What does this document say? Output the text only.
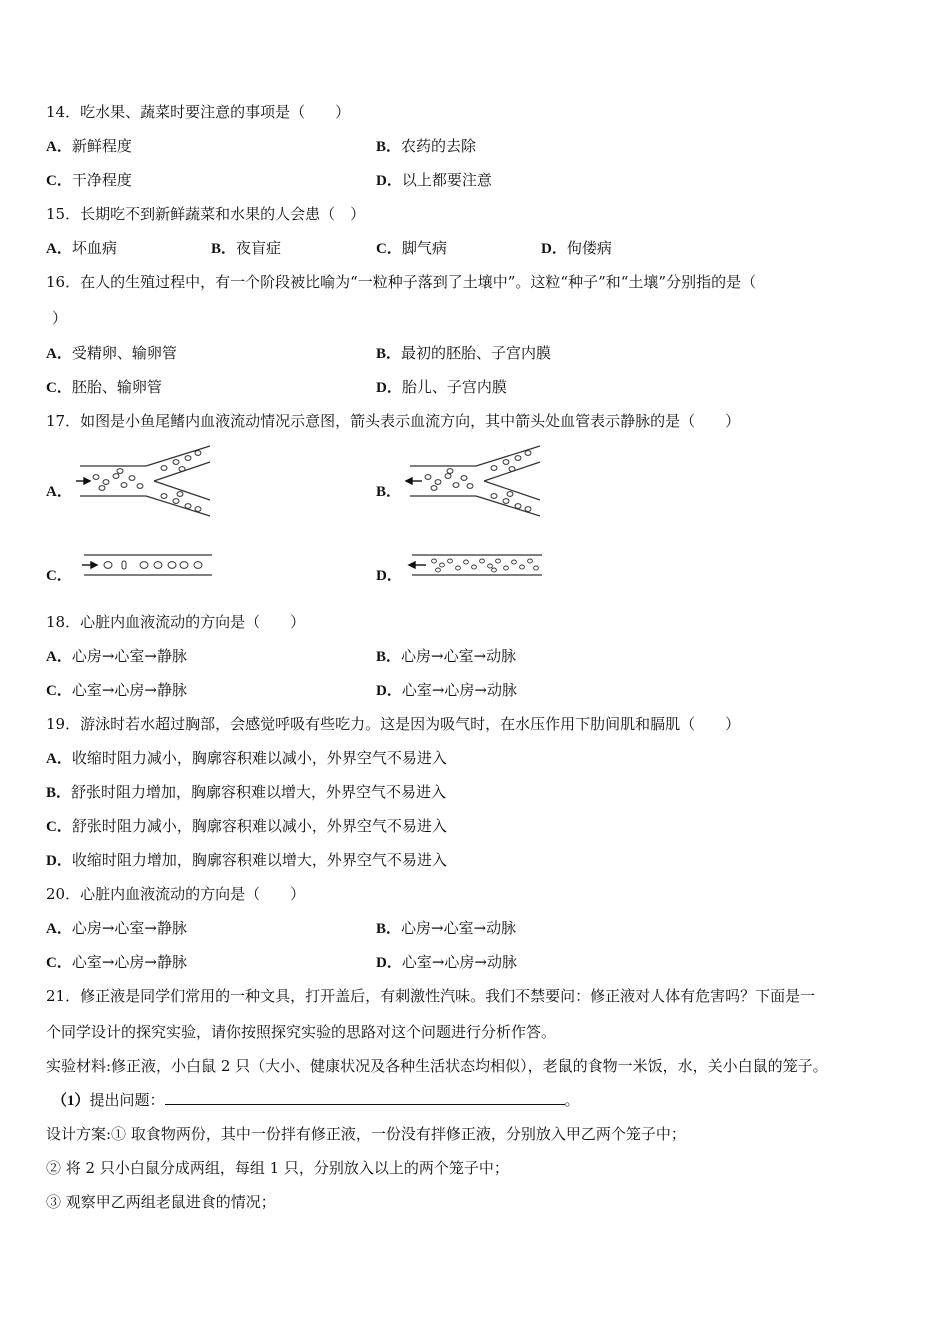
14．吃水果、蔬菜时要注意的事项是（　　）
A．新鲜程度	B．农药的去除
C．干净程度	D．以上都要注意
15．长期吃不到新鲜蔬菜和水果的人会患（　）
A．坏血病	B．夜盲症	C．脚气病	D．佝偻病
16．在人的生殖过程中，有一个阶段被比喻为“一粒种子落到了土壤中”。这粒“种子”和“土壤”分别指的是（
）
A．受精卵、输卵管	B．最初的胚胎、子宫内膜
C．胚胎、输卵管	D．胎儿、子宫内膜
17．如图是小鱼尾鳍内血液流动情况示意图，箭头表示血流方向，其中箭头处血管表示静脉的是（　　）
A．	B．
C．	D．
18．心脏内血液流动的方向是（　　）
A．心房→心室→静脉	B．心房→心室→动脉
C．心室→心房→静脉	D．心室→心房→动脉
19．游泳时若水超过胸部，会感觉呼吸有些吃力。这是因为吸气时，在水压作用下肋间肌和膈肌（　　）
A．收缩时阻力减小，胸廓容积难以减小，外界空气不易进入
B．舒张时阻力增加，胸廓容积难以增大，外界空气不易进入
C．舒张时阻力减小，胸廓容积难以减小，外界空气不易进入
D．收缩时阻力增加，胸廓容积难以增大，外界空气不易进入
20．心脏内血液流动的方向是（　　）
A．心房→心室→静脉	B．心房→心室→动脉
C．心室→心房→静脉	D．心室→心房→动脉
21．修正液是同学们常用的一种文具，打开盖后，有刺激性汽味。我们不禁要问：修正液对人体有危害吗？下面是一
个同学设计的探究实验，请你按照探究实验的思路对这个问题进行分析作答。
实验材料:修正液，小白鼠 2 只（大小、健康状况及各种生活状态均相似），老鼠的食物一米饭，水，关小白鼠的笼子。
（1）提出问题：	。
设计方案:① 取食物两份，其中一份拌有修正液，一份没有拌修正液，分别放入甲乙两个笼子中；
② 将 2 只小白鼠分成两组，每组 1 只，分别放入以上的两个笼子中；
③ 观察甲乙两组老鼠进食的情况；
